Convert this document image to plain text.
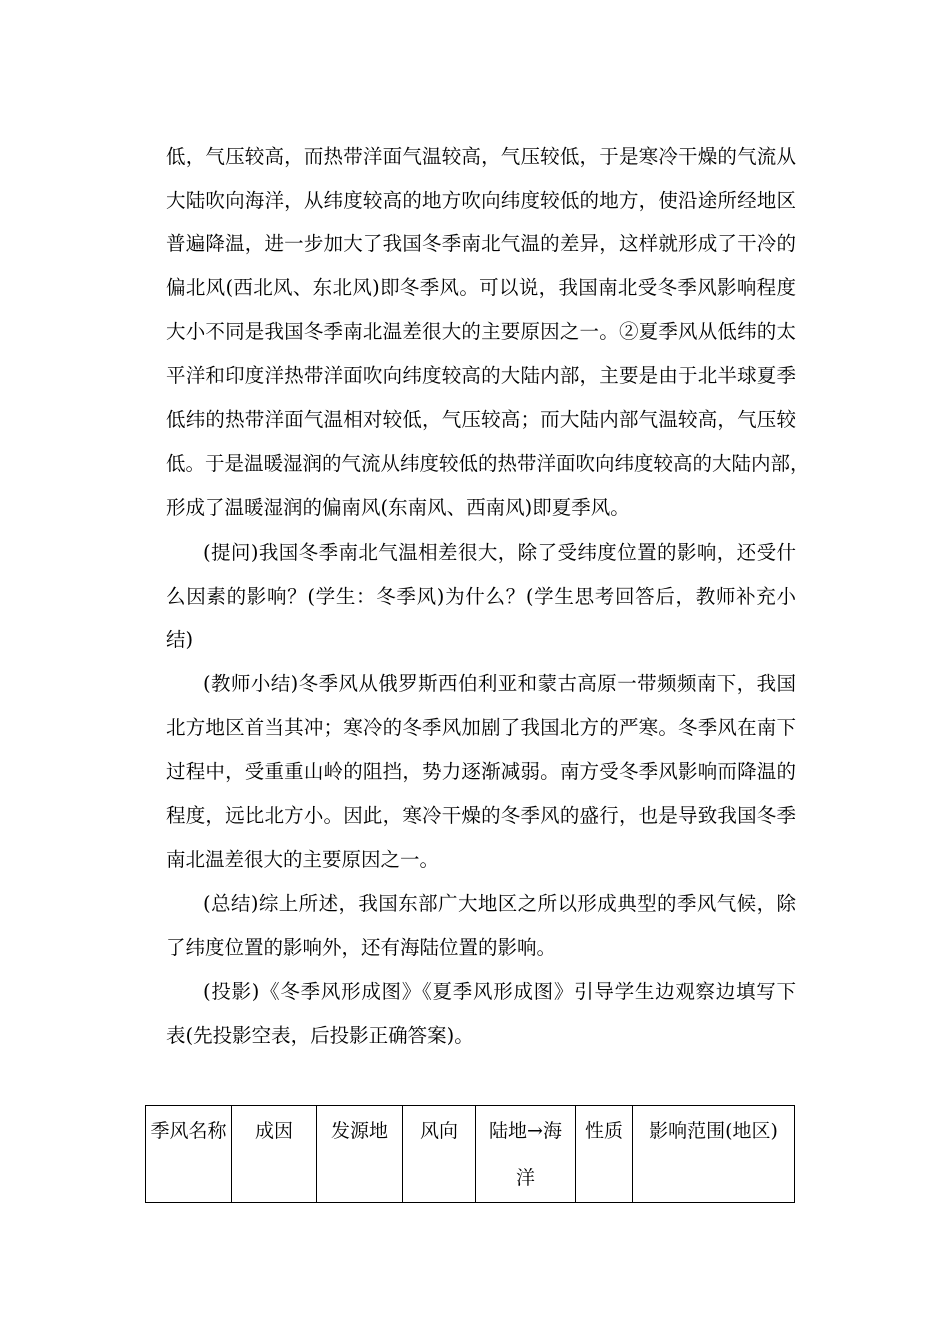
低，气压较高，而热带洋面气温较高，气压较低，于是寒冷干燥的气流从
大陆吹向海洋，从纬度较高的地方吹向纬度较低的地方，使沿途所经地区
普遍降温，进一步加大了我国冬季南北气温的差异，这样就形成了干冷的
偏北风(西北风、东北风)即冬季风。可以说，我国南北受冬季风影响程度
大小不同是我国冬季南北温差很大的主要原因之一。②夏季风从低纬的太
平洋和印度洋热带洋面吹向纬度较高的大陆内部，主要是由于北半球夏季
低纬的热带洋面气温相对较低，气压较高；而大陆内部气温较高，气压较
低。于是温暖湿润的气流从纬度较低的热带洋面吹向纬度较高的大陆内部，
形成了温暖湿润的偏南风(东南风、西南风)即夏季风。
(提问)我国冬季南北气温相差很大，除了受纬度位置的影响，还受什
么因素的影响？(学生：冬季风)为什么？(学生思考回答后，教师补充小
结)
(教师小结)冬季风从俄罗斯西伯利亚和蒙古高原一带频频南下，我国
北方地区首当其冲；寒冷的冬季风加剧了我国北方的严寒。冬季风在南下
过程中，受重重山岭的阻挡，势力逐渐减弱。南方受冬季风影响而降温的
程度，远比北方小。因此，寒冷干燥的冬季风的盛行，也是导致我国冬季
南北温差很大的主要原因之一。
(总结)综上所述，我国东部广大地区之所以形成典型的季风气候，除
了纬度位置的影响外，还有海陆位置的影响。
(投影)《冬季风形成图》《夏季风形成图》引导学生边观察边填写下
表(先投影空表，后投影正确答案)。
季风名称	成因	发源地	风向	陆地→海洋	性质	影响范围(地区)
